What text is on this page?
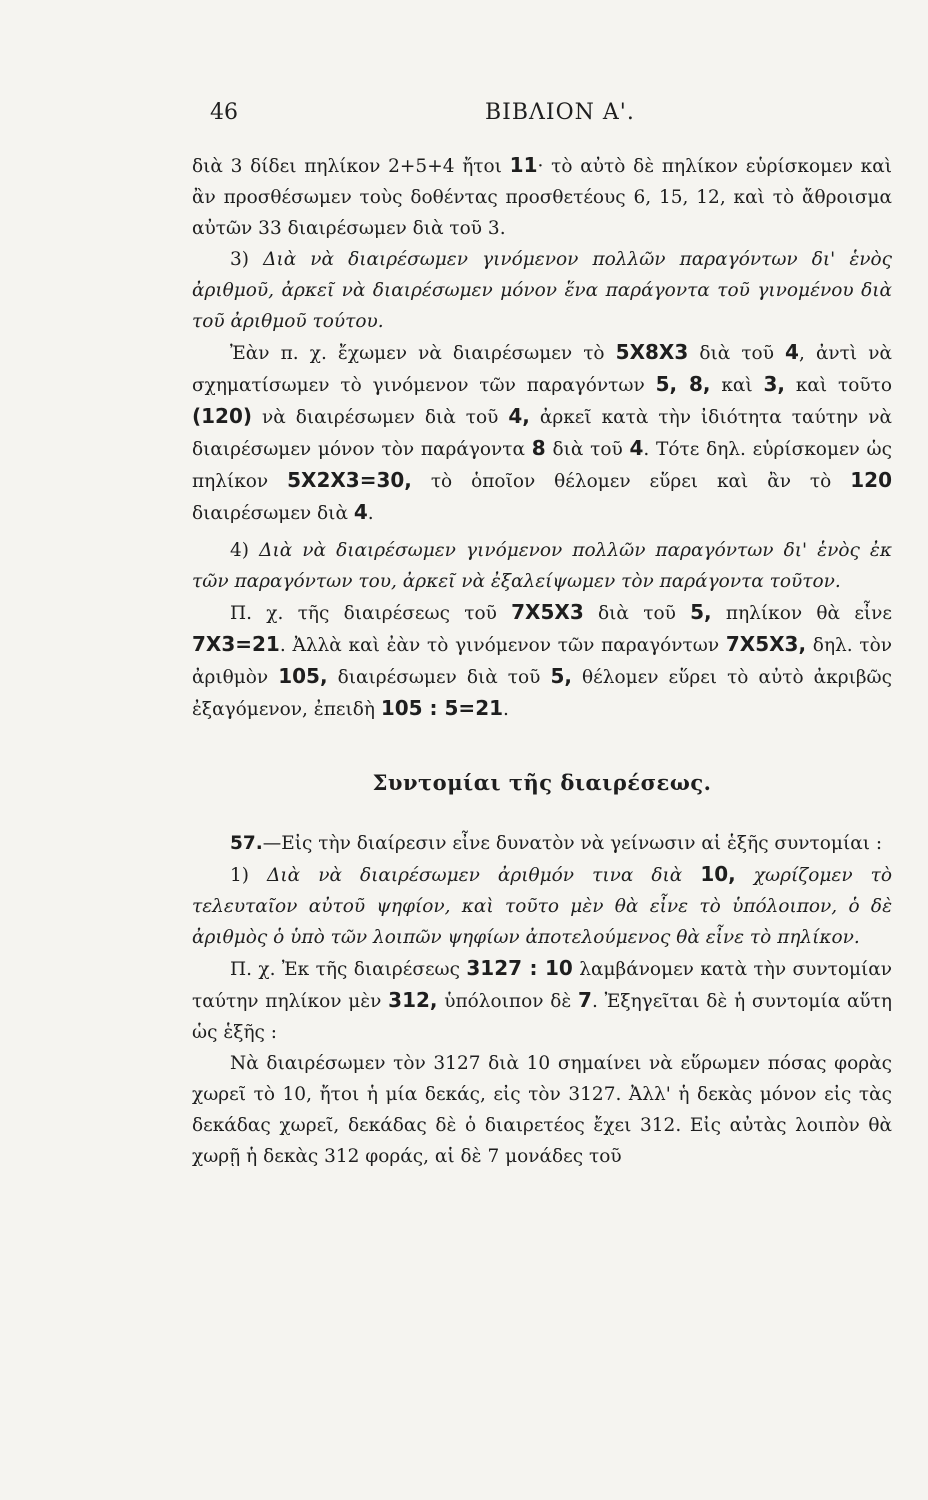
46	ΒΙΒΛΙΟΝ Α'.

διὰ 3 δίδει πηλίκον 2+5+4 ἤτοι 11· τὸ αὐτὸ δὲ πηλίκον εὑρίσκομεν καὶ ἂν προσθέσωμεν τοὺς δοθέντας προσθετέους 6, 15, 12, καὶ τὸ ἄθροισμα αὐτῶν 33 διαιρέσωμεν διὰ τοῦ 3.

3) Διὰ νὰ διαιρέσωμεν γινόμενον πολλῶν παραγόντων δι' ἑνὸς ἀριθμοῦ, ἀρκεῖ νὰ διαιρέσωμεν μόνον ἕνα παράγοντα τοῦ γινομένου διὰ τοῦ ἀριθμοῦ τούτου.

Ἐὰν π. χ. ἔχωμεν νὰ διαιρέσωμεν τὸ 5X8X3 διὰ τοῦ 4, ἀντὶ νὰ σχηματίσωμεν τὸ γινόμενον τῶν παραγόντων 5, 8, καὶ 3, καὶ τοῦτο (120) νὰ διαιρέσωμεν διὰ τοῦ 4, ἀρκεῖ κατὰ τὴν ἰδιότητα ταύτην νὰ διαιρέσωμεν μόνον τὸν παράγοντα 8 διὰ τοῦ 4. Τότε δηλ. εὑρίσκομεν ὡς πηλίκον 5X2X3=30, τὸ ὁποῖον θέλομεν εὕρει καὶ ἂν τὸ 120 διαιρέσωμεν διὰ 4.

4) Διὰ νὰ διαιρέσωμεν γινόμενον πολλῶν παραγόντων δι' ἑνὸς ἐκ τῶν παραγόντων του, ἀρκεῖ νὰ ἐξαλείψωμεν τὸν παράγοντα τοῦτον.

Π. χ. τῆς διαιρέσεως τοῦ 7X5X3 διὰ τοῦ 5, πηλίκον θὰ εἶνε 7X3=21. Ἀλλὰ καὶ ἐὰν τὸ γινόμενον τῶν παραγόντων 7X5X3, δηλ. τὸν ἀριθμὸν 105, διαιρέσωμεν διὰ τοῦ 5, θέλομεν εὕρει τὸ αὐτὸ ἀκριβῶς ἐξαγόμενον, ἐπειδὴ 105 : 5=21.

Συντομίαι τῆς διαιρέσεως.

57.—Εἰς τὴν διαίρεσιν εἶνε δυνατὸν νὰ γείνωσιν αἱ ἑξῆς συντομίαι :

1) Διὰ νὰ διαιρέσωμεν ἀριθμόν τινα διὰ 10, χωρίζομεν τὸ τελευταῖον αὐτοῦ ψηφίον, καὶ τοῦτο μὲν θὰ εἶνε τὸ ὑπόλοιπον, ὁ δὲ ἀριθμὸς ὁ ὑπὸ τῶν λοιπῶν ψηφίων ἀποτελούμενος θὰ εἶνε τὸ πηλίκον.

Π. χ. Ἐκ τῆς διαιρέσεως 3127 : 10 λαμβάνομεν κατὰ τὴν συντομίαν ταύτην πηλίκον μὲν 312, ὑπόλοιπον δὲ 7. Ἐξηγεῖται δὲ ἡ συντομία αὕτη ὡς ἑξῆς :

Νὰ διαιρέσωμεν τὸν 3127 διὰ 10 σημαίνει νὰ εὕρωμεν πόσας φορὰς χωρεῖ τὸ 10, ἤτοι ἡ μία δεκάς, εἰς τὸν 3127. Ἀλλ' ἡ δεκὰς μόνον εἰς τὰς δεκάδας χωρεῖ, δεκάδας δὲ ὁ διαιρετέος ἔχει 312. Εἰς αὐτὰς λοιπὸν θὰ χωρῇ ἡ δεκὰς 312 φοράς, αἱ δὲ 7 μονάδες τοῦ
